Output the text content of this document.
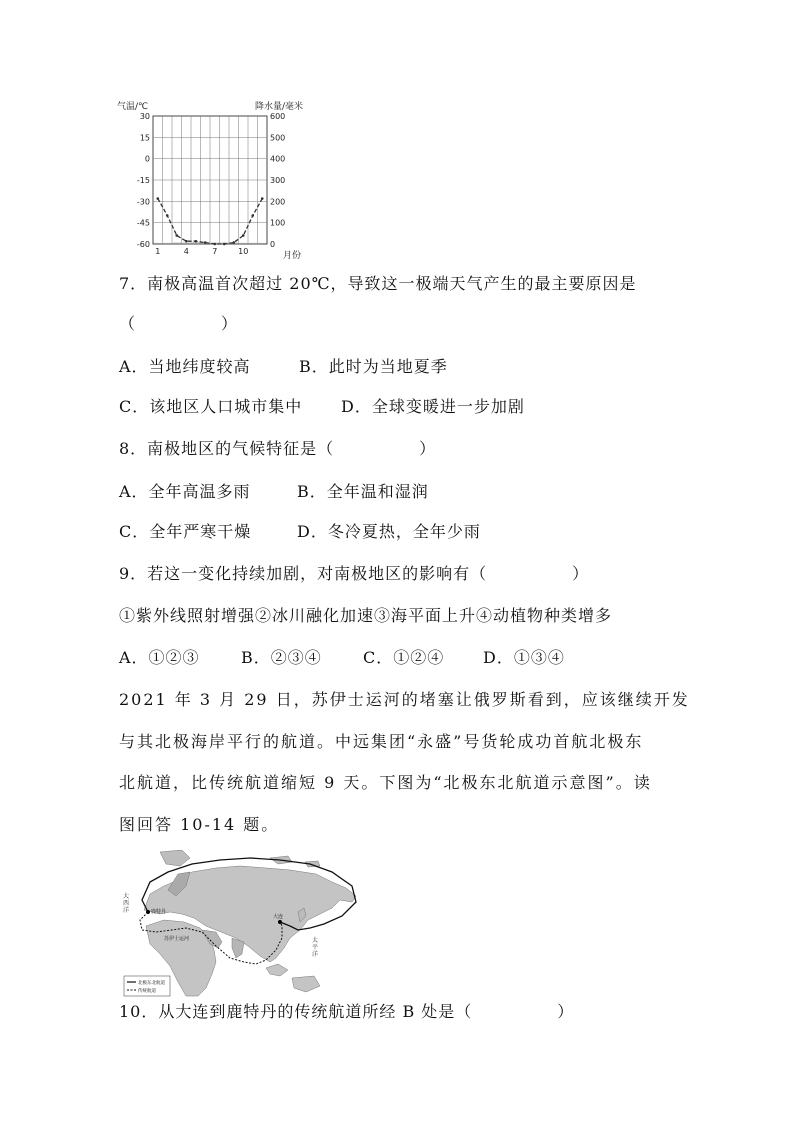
气温/℃	降水量/毫米
30
15
0
-15
-30
-45
-60
600
500
400
300
200
100
0
1	4	7	10	月份
7．南极高温首次超过 20℃，导致这一极端天气产生的最主要原因是
（　　　　　）
A．当地纬度较高	B．此时为当地夏季
C．该地区人口城市集中	D．全球变暖进一步加剧
8．南极地区的气候特征是（　　　　　）
A．全年高温多雨	B．全年温和湿润
C．全年严寒干燥	D．冬冷夏热，全年少雨
9．若这一变化持续加剧，对南极地区的影响有（　　　　　）
①紫外线照射增强②冰川融化加速③海平面上升④动植物种类增多
A．①②③	B．②③④	C．①②④	D．①③④
2021 年 3 月 29 日，苏伊士运河的堵塞让俄罗斯看到，应该继续开发
与其北极海岸平行的航道。中远集团“永盛”号货轮成功首航北极东
北航道，比传统航道缩短 9 天。下图为“北极东北航道示意图”。读
图回答 10-14 题。
大
西
洋	鹿特丹
大连
苏伊士运河	太
平
洋
北极东北航道
传统航道
10．从大连到鹿特丹的传统航道所经 B 处是（　　　　　）
